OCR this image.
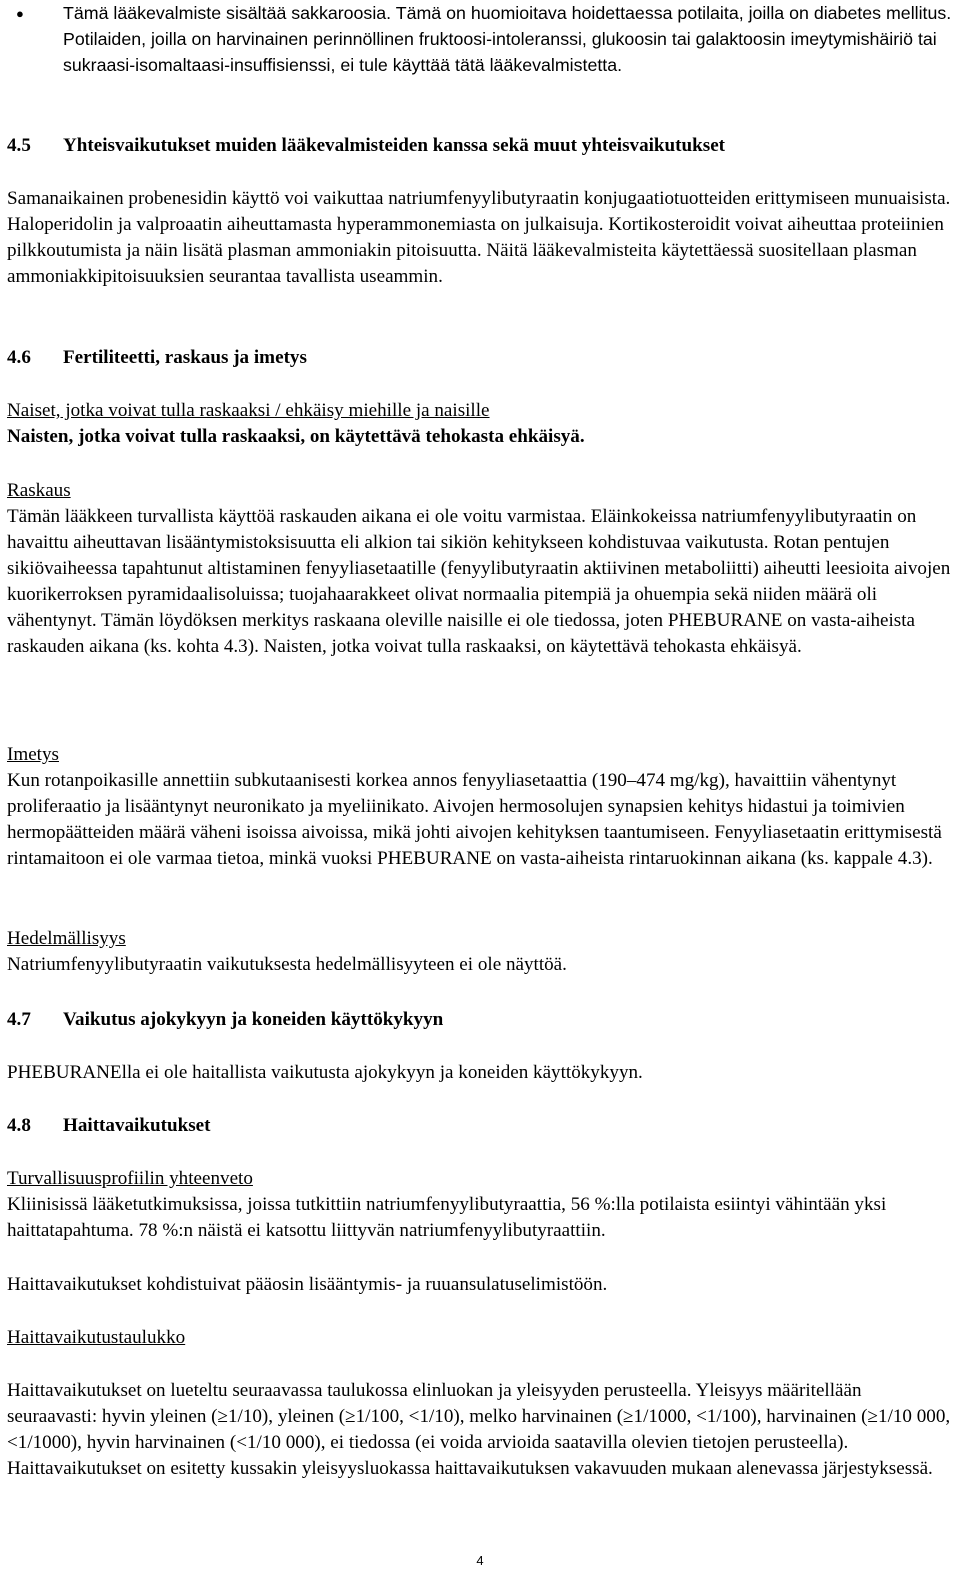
● Tämä lääkevalmiste sisältää sakkaroosia. Tämä on huomioitava hoidettaessa potilaita, joilla on diabetes mellitus. Potilaiden, joilla on harvinainen perinnöllinen fruktoosi-intoleranssi, glukoosin tai galaktoosin imeytymishäiriö tai sukraasi-isomaltaasi-insuffisienssi, ei tule käyttää tätä lääkevalmistetta.

4.5 Yhteisvaikutukset muiden lääkevalmisteiden kanssa sekä muut yhteisvaikutukset

Samanaikainen probenesidin käyttö voi vaikuttaa natriumfenyylibutyraatin konjugaatiotuotteiden erittymiseen munuaisista. Haloperidolin ja valproaatin aiheuttamasta hyperammonemiasta on julkaisuja. Kortikosteroidit voivat aiheuttaa proteiinien pilkkoutumista ja näin lisätä plasman ammoniakin pitoisuutta. Näitä lääkevalmisteita käytettäessä suositellaan plasman ammoniakkipitoisuuksien seurantaa tavallista useammin.

4.6 Fertiliteetti, raskaus ja imetys

Naiset, jotka voivat tulla raskaaksi / ehkäisy miehille ja naisille

Naisten, jotka voivat tulla raskaaksi, on käytettävä tehokasta ehkäisyä.

Raskaus

Tämän lääkkeen turvallista käyttöä raskauden aikana ei ole voitu varmistaa. Eläinkokeissa natriumfenyylibutyraatin on havaittu aiheuttavan lisääntymistoksisuutta eli alkion tai sikiön kehitykseen kohdistuvaa vaikutusta. Rotan pentujen sikiövaiheessa tapahtunut altistaminen fenyyliasetaatille (fenyylibutyraatin aktiivinen metaboliitti) aiheutti leesioita aivojen kuorikerroksen pyramidaalisoluissa; tuojahaarakkeet olivat normaalia pitempiä ja ohuempia sekä niiden määrä oli vähentynyt. Tämän löydöksen merkitys raskaana oleville naisille ei ole tiedossa, joten PHEBURANE on vasta-aiheista raskauden aikana (ks. kohta 4.3). Naisten, jotka voivat tulla raskaaksi, on käytettävä tehokasta ehkäisyä.

Imetys

Kun rotanpoikasille annettiin subkutaanisesti korkea annos fenyyliasetaattia (190–474 mg/kg), havaittiin vähentynyt proliferaatio ja lisääntynyt neuronikato ja myeliinikato. Aivojen hermosolujen synapsien kehitys hidastui ja toimivien hermopäätteiden määrä väheni isoissa aivoissa, mikä johti aivojen kehityksen taantumiseen. Fenyyliasetaatin erittymisestä rintamaitoon ei ole varmaa tietoa, minkä vuoksi PHEBURANE on vasta-aiheista rintaruokinnan aikana (ks. kappale 4.3).

Hedelmällisyys

Natriumfenyylibutyraatin vaikutuksesta hedelmällisyyteen ei ole näyttöä.

4.7 Vaikutus ajokykyyn ja koneiden käyttökykyyn

PHEBURANElla ei ole haitallista vaikutusta ajokykyyn ja koneiden käyttökykyyn.

4.8 Haittavaikutukset

Turvallisuusprofiilin yhteenveto

Kliinisissä lääketutkimuksissa, joissa tutkittiin natriumfenyylibutyraattia, 56 %:lla potilaista esiintyi vähintään yksi haittatapahtuma. 78 %:n näistä ei katsottu liittyvän natriumfenyylibutyraattiin.

Haittavaikutukset kohdistuivat pääosin lisääntymis- ja ruuansulatuselimistöön.

Haittavaikutustaulukko

Haittavaikutukset on lueteltu seuraavassa taulukossa elinluokan ja yleisyyden perusteella. Yleisyys määritellään seuraavasti: hyvin yleinen (≥1/10), yleinen (≥1/100, <1/10), melko harvinainen (≥1/1000, <1/100), harvinainen (≥1/10 000, <1/1000), hyvin harvinainen (<1/10 000), ei tiedossa (ei voida arvioida saatavilla olevien tietojen perusteella). Haittavaikutukset on esitetty kussakin yleisyysluokassa haittavaikutuksen vakavuuden mukaan alenevassa järjestyksessä.

4
